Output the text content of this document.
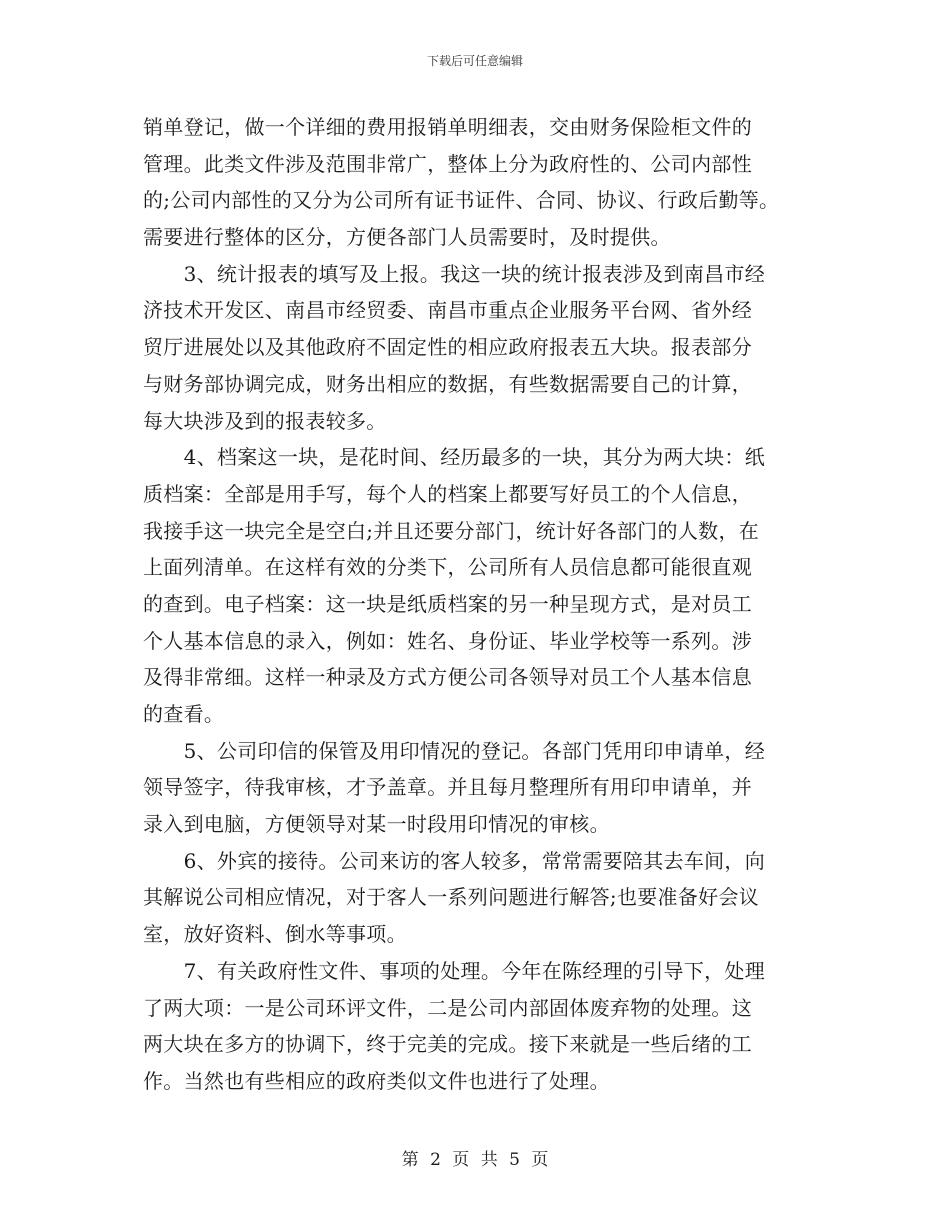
下载后可任意编辑
销单登记，做一个详细的费用报销单明细表，交由财务保险柜文件的
管理。此类文件涉及范围非常广，整体上分为政府性的、公司内部性
的;公司内部性的又分为公司所有证书证件、合同、协议、行政后勤等。
需要进行整体的区分，方便各部门人员需要时，及时提供。
　　3、统计报表的填写及上报。我这一块的统计报表涉及到南昌市经
济技术开发区、南昌市经贸委、南昌市重点企业服务平台网、省外经
贸厅进展处以及其他政府不固定性的相应政府报表五大块。报表部分
与财务部协调完成，财务出相应的数据，有些数据需要自己的计算，
每大块涉及到的报表较多。
　　4、档案这一块，是花时间、经历最多的一块，其分为两大块：纸
质档案：全部是用手写，每个人的档案上都要写好员工的个人信息，
我接手这一块完全是空白;并且还要分部门，统计好各部门的人数，在
上面列清单。在这样有效的分类下，公司所有人员信息都可能很直观
的查到。电子档案：这一块是纸质档案的另一种呈现方式，是对员工
个人基本信息的录入，例如：姓名、身份证、毕业学校等一系列。涉
及得非常细。这样一种录及方式方便公司各领导对员工个人基本信息
的查看。
　　5、公司印信的保管及用印情况的登记。各部门凭用印申请单，经
领导签字，待我审核，才予盖章。并且每月整理所有用印申请单，并
录入到电脑，方便领导对某一时段用印情况的审核。
　　6、外宾的接待。公司来访的客人较多，常常需要陪其去车间，向
其解说公司相应情况，对于客人一系列问题进行解答;也要准备好会议
室，放好资料、倒水等事项。
　　7、有关政府性文件、事项的处理。今年在陈经理的引导下，处理
了两大项：一是公司环评文件，二是公司内部固体废弃物的处理。这
两大块在多方的协调下，终于完美的完成。接下来就是一些后绪的工
作。当然也有些相应的政府类似文件也进行了处理。
第 2 页 共 5 页
